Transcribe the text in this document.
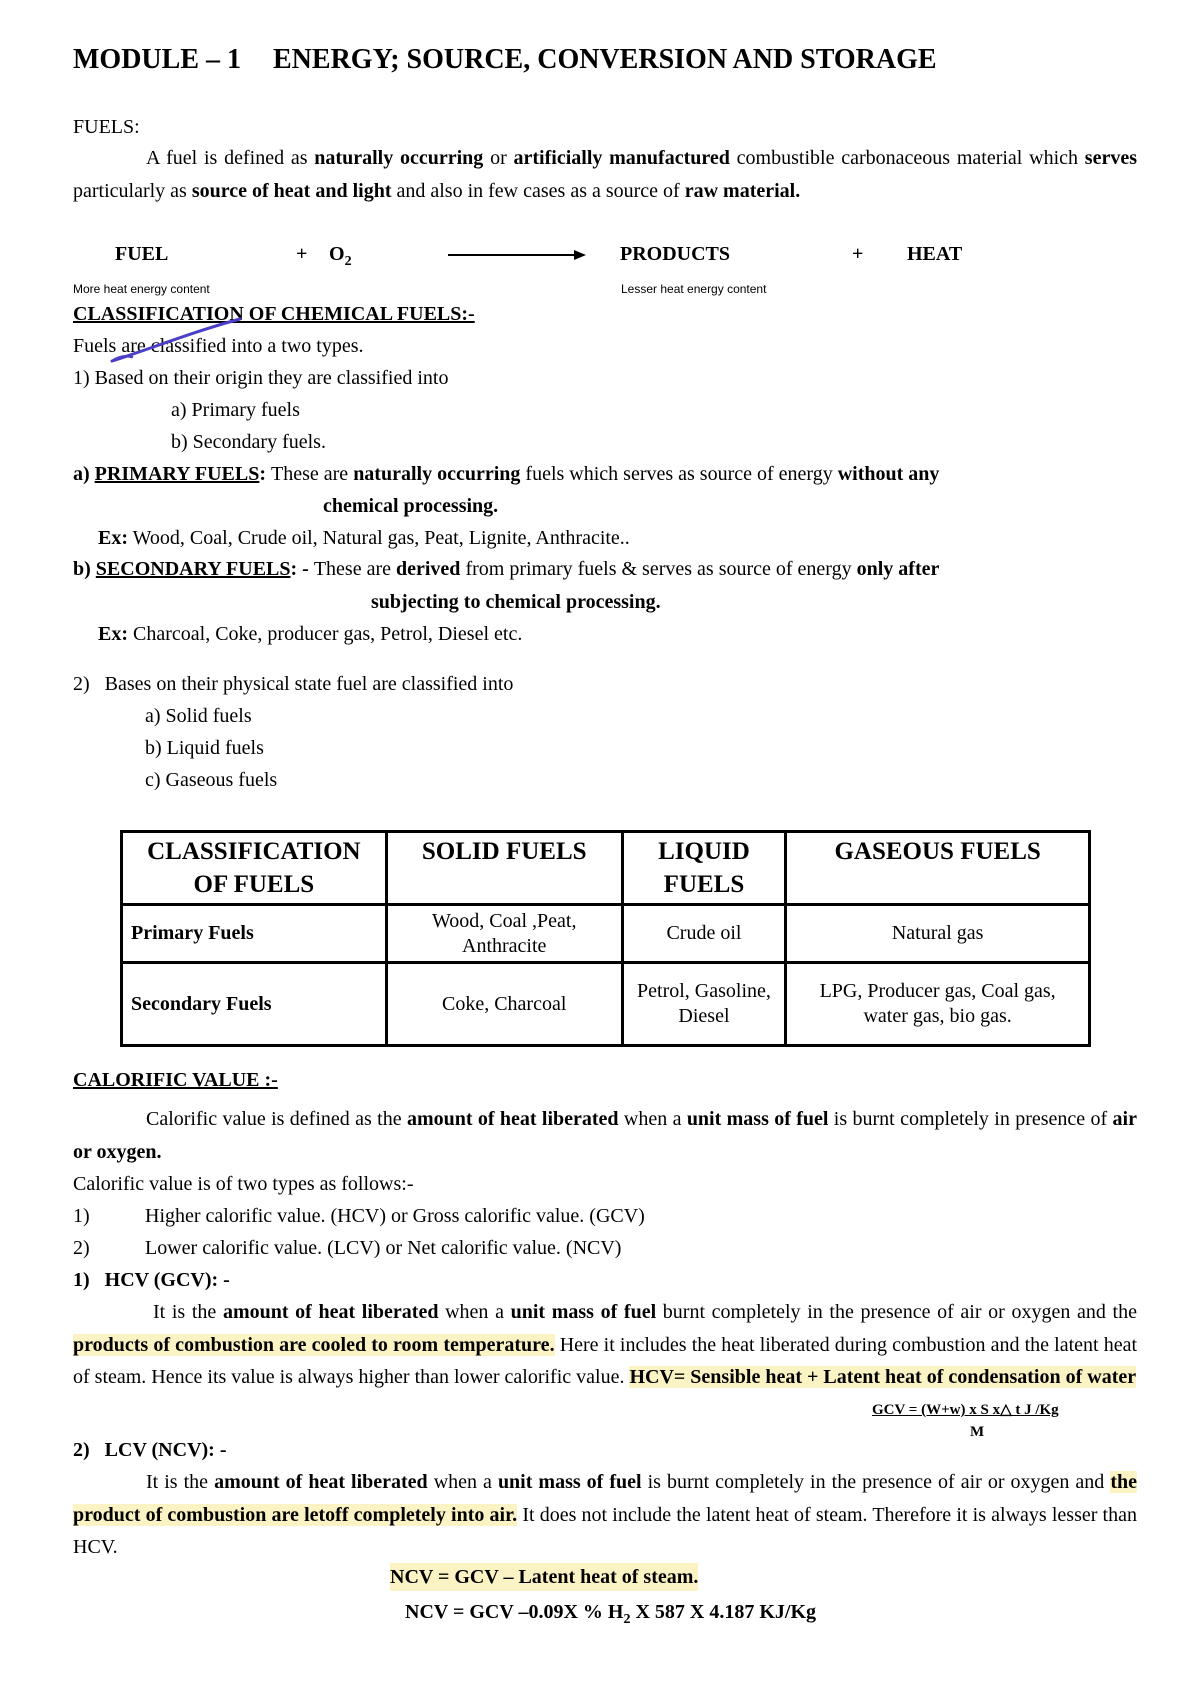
MODULE – 1 ENERGY; SOURCE, CONVERSION AND STORAGE
FUELS:
A fuel is defined as naturally occurring or artificially manufactured combustible carbonaceous material which serves particularly as source of heat and light and also in few cases as a source of raw material.
FUEL	+ $O_2$	PRODUCTS	+ HEAT
More heat energy content	Lesser heat energy content
CLASSIFICATION OF CHEMICAL FUELS:-
Fuels are classified into a two types.
1) Based on their origin they are classified into
a) Primary fuels
b) Secondary fuels.
a) PRIMARY FUELS: These are naturally occurring fuels which serves as source of energy without any
chemical processing.
Ex: Wood, Coal, Crude oil, Natural gas, Peat, Lignite, Anthracite..
b) SECONDARY FUELS: - These are derived from primary fuels & serves as source of energy only after
subjecting to chemical processing.
Ex: Charcoal, Coke, producer gas, Petrol, Diesel etc.
2)   Bases on their physical state fuel are classified into
a) Solid fuels
b) Liquid fuels
c) Gaseous fuels
CLASSIFICATION OF FUELS	SOLID FUELS	LIQUID FUELS	GASEOUS FUELS
Primary Fuels	Wood, Coal ,Peat, Anthracite	Crude oil	Natural gas
Secondary Fuels	Coke, Charcoal	Petrol, Gasoline, Diesel	LPG, Producer gas, Coal gas, water gas, bio gas.
CALORIFIC VALUE :-
Calorific value is defined as the amount of heat liberated when a unit mass of fuel is burnt completely in presence of air or oxygen.
Calorific value is of two types as follows:-
1)	Higher calorific value. (HCV) or Gross calorific value. (GCV)
2)	Lower calorific value. (LCV) or Net calorific value. (NCV)
1)   HCV (GCV): -
It is the amount of heat liberated when a unit mass of fuel burnt completely in the presence of air or oxygen and the products of combustion are cooled to room temperature. Here it includes the heat liberated during combustion and the latent heat of steam. Hence its value is always higher than lower calorific value. HCV= Sensible heat + Latent heat of condensation of water
GCV = (W+w) x S x△ t J /Kg
M
2)   LCV (NCV): -
It is the amount of heat liberated when a unit mass of fuel is burnt completely in the presence of air or oxygen and the product of combustion are letoff completely into air. It does not include the latent heat of steam. Therefore it is always lesser than HCV.
NCV = GCV – Latent heat of steam.
NCV = GCV –0.09X % $H_2$ X 587 X 4.187 KJ/Kg
